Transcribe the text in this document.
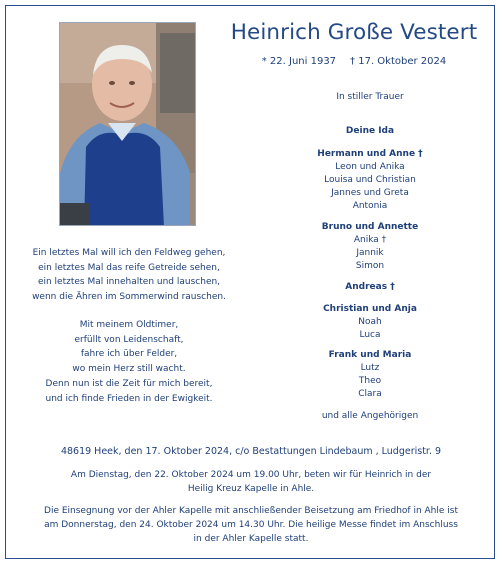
Heinrich Große Vestert
* 22. Juni 1937 † 17. Oktober 2024
In stiller Trauer
Deine Ida
Hermann und Anne †
Leon und Anika
Louisa und Christian
Jannes und Greta
Antonia
Bruno und Annette
Anika †
Jannik
Simon
Andreas †
Christian und Anja
Noah
Luca
Frank und Maria
Lutz
Theo
Clara
und alle Angehörigen
Ein letztes Mal will ich den Feldweg gehen,
ein letztes Mal das reife Getreide sehen,
ein letztes Mal innehalten und lauschen,
wenn die Ähren im Sommerwind rauschen.
Mit meinem Oldtimer,
erfüllt von Leidenschaft,
fahre ich über Felder,
wo mein Herz still wacht.
Denn nun ist die Zeit für mich bereit,
und ich finde Frieden in der Ewigkeit.
48619 Heek, den 17. Oktober 2024, c/o Bestattungen Lindebaum , Ludgeristr. 9
Am Dienstag, den 22. Oktober 2024 um 19.00 Uhr, beten wir für Heinrich in der
Heilig Kreuz Kapelle in Ahle.
Die Einsegnung vor der Ahler Kapelle mit anschließender Beisetzung am Friedhof in Ahle ist
am Donnerstag, den 24. Oktober 2024 um 14.30 Uhr. Die heilige Messe findet im Anschluss
in der Ahler Kapelle statt.
